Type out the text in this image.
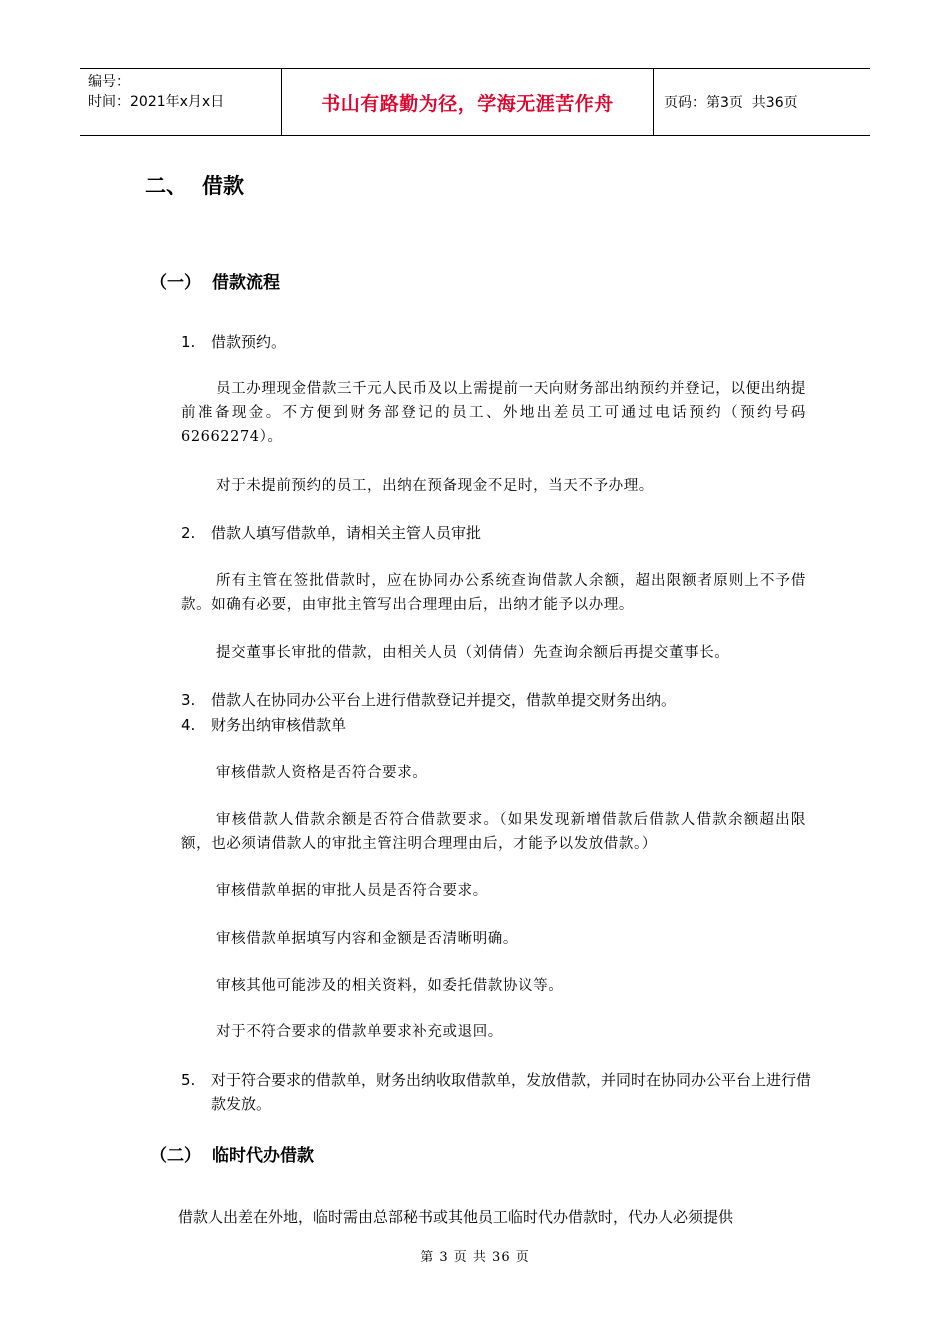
编号：
时间：2021年x月x日	书山有路勤为径，学海无涯苦作舟	页码：第3页  共36页
二、 借款
（一） 借款流程
1. 借款预约。
员工办理现金借款三千元人民币及以上需提前一天向财务部出纳预约并登记，以便出纳提前准备现金。不方便到财务部登记的员工、外地出差员工可通过电话预约（预约号码62662274）。
对于未提前预约的员工，出纳在预备现金不足时，当天不予办理。
2. 借款人填写借款单，请相关主管人员审批
所有主管在签批借款时，应在协同办公系统查询借款人余额，超出限额者原则上不予借款。如确有必要，由审批主管写出合理理由后，出纳才能予以办理。
提交董事长审批的借款，由相关人员（刘倩倩）先查询余额后再提交董事长。
3. 借款人在协同办公平台上进行借款登记并提交，借款单提交财务出纳。
4. 财务出纳审核借款单
审核借款人资格是否符合要求。
审核借款人借款余额是否符合借款要求。（如果发现新增借款后借款人借款余额超出限额，也必须请借款人的审批主管注明合理理由后，才能予以发放借款。）
审核借款单据的审批人员是否符合要求。
审核借款单据填写内容和金额是否清晰明确。
审核其他可能涉及的相关资料，如委托借款协议等。
对于不符合要求的借款单要求补充或退回。
5. 对于符合要求的借款单，财务出纳收取借款单，发放借款，并同时在协同办公平台上进行借款发放。
（二） 临时代办借款
借款人出差在外地，临时需由总部秘书或其他员工临时代办借款时，代办人必须提供
第 3 页 共 36 页
